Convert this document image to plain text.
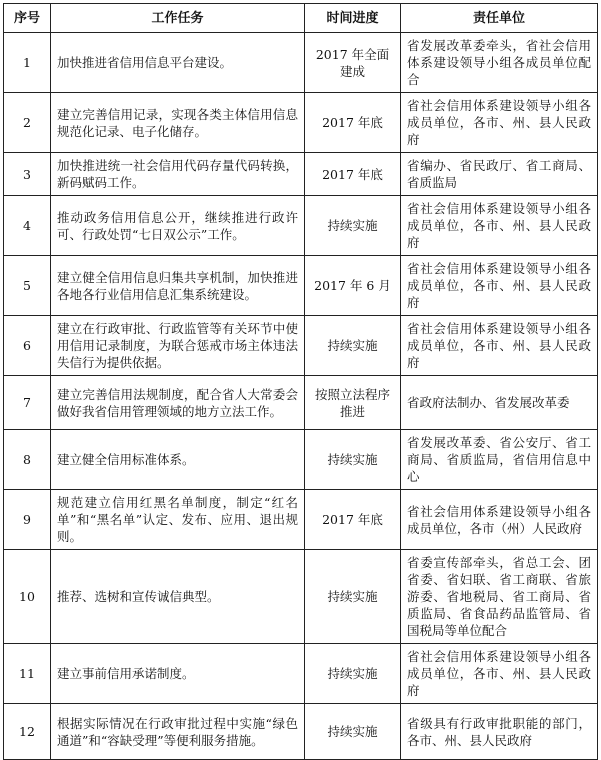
序号	工作任务	时间进度	责任单位
1	加快推进省信用信息平台建设。	2017 年全面建成	省发展改革委牵头，省社会信用体系建设领导小组各成员单位配合
2	建立完善信用记录，实现各类主体信用信息规范化记录、电子化储存。	2017 年底	省社会信用体系建设领导小组各成员单位，各市、州、县人民政府
3	加快推进统一社会信用代码存量代码转换，新码赋码工作。	2017 年底	省编办、省民政厅、省工商局、省质监局
4	推动政务信用信息公开，继续推进行政许可、行政处罚“七日双公示”工作。	持续实施	省社会信用体系建设领导小组各成员单位，各市、州、县人民政府
5	建立健全信用信息归集共享机制，加快推进各地各行业信用信息汇集系统建设。	2017 年 6 月	省社会信用体系建设领导小组各成员单位，各市、州、县人民政府
6	建立在行政审批、行政监管等有关环节中使用信用记录制度，为联合惩戒市场主体违法失信行为提供依据。	持续实施	省社会信用体系建设领导小组各成员单位，各市、州、县人民政府
7	建立完善信用法规制度，配合省人大常委会做好我省信用管理领域的地方立法工作。	按照立法程序推进	省政府法制办、省发展改革委
8	建立健全信用标准体系。	持续实施	省发展改革委、省公安厅、省工商局、省质监局，省信用信息中心
9	规范建立信用红黑名单制度，制定“红名单”和“黑名单”认定、发布、应用、退出规则。	2017 年底	省社会信用体系建设领导小组各成员单位，各市（州）人民政府
10	推荐、选树和宣传诚信典型。	持续实施	省委宣传部牵头，省总工会、团省委、省妇联、省工商联、省旅游委、省地税局、省工商局、省质监局、省食品药品监管局、省国税局等单位配合
11	建立事前信用承诺制度。	持续实施	省社会信用体系建设领导小组各成员单位，各市、州、县人民政府
12	根据实际情况在行政审批过程中实施“绿色通道”和“容缺受理”等便利服务措施。	持续实施	省级具有行政审批职能的部门，各市、州、县人民政府
